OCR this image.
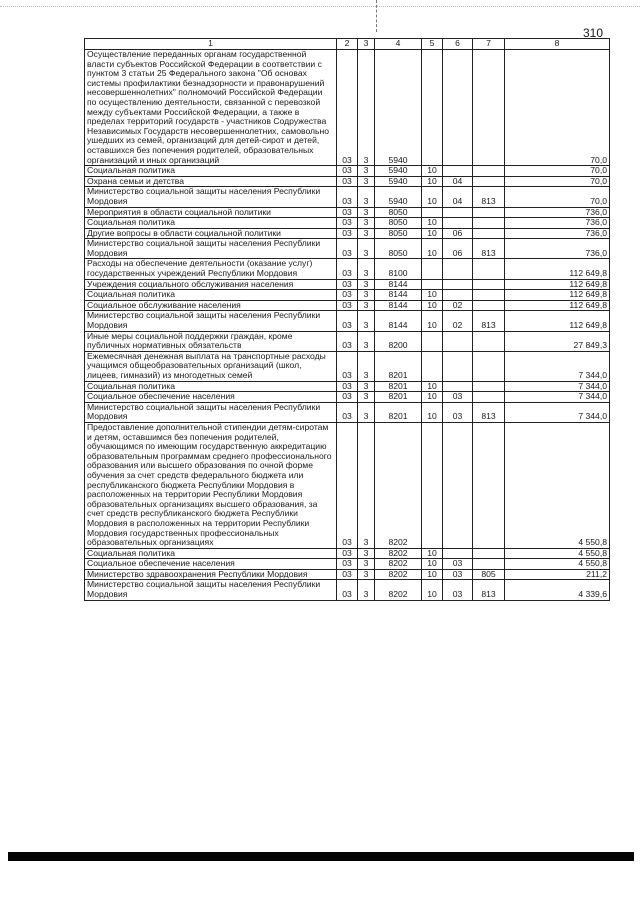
310
1	2	3	4	5	6	7	8
Осуществление переданных органам государственной власти субъектов Российской Федерации в соответствии с пунктом 3 статьи 25 Федерального закона "Об основах системы профилактики безнадзорности и правонарушений несовершеннолетних" полномочий Российской Федерации по осуществлению деятельности, связанной с перевозкой между субъектами Российской Федерации, а также в пределах территорий государств - участников Содружества Независимых Государств несовершеннолетних, самовольно ушедших из семей, организаций для детей-сирот и детей, оставшихся без попечения родителей, образовательных организаций и иных организаций	03	3	5940				70,0
Социальная политика	03	3	5940	10			70,0
Охрана семьи и детства	03	3	5940	10	04		70,0
Министерство социальной защиты населения Республики Мордовия	03	3	5940	10	04	813	70,0
Мероприятия в области социальной политики	03	3	8050				736,0
Социальная политика	03	3	8050	10			736,0
Другие вопросы в области социальной политики	03	3	8050	10	06		736,0
Министерство социальной защиты населения Республики Мордовия	03	3	8050	10	06	813	736,0
Расходы на обеспечение деятельности (оказание услуг) государственных учреждений Республики Мордовия	03	3	8100				112 649,8
Учреждения социального обслуживания населения	03	3	8144				112 649,8
Социальная политика	03	3	8144	10			112 649,8
Социальное обслуживание населения	03	3	8144	10	02		112 649,8
Министерство социальной защиты населения Республики Мордовия	03	3	8144	10	02	813	112 649,8
Иные меры социальной поддержки граждан, кроме публичных нормативных обязательств	03	3	8200				27 849,3
Ежемесячная денежная выплата на транспортные расходы учащимся общеобразовательных организаций (школ, лицеев, гимназий) из многодетных семей	03	3	8201				7 344,0
Социальная политика	03	3	8201	10			7 344,0
Социальное обеспечение населения	03	3	8201	10	03		7 344,0
Министерство социальной защиты населения Республики Мордовия	03	3	8201	10	03	813	7 344,0
Предоставление дополнительной стипендии детям-сиротам и детям, оставшимся без попечения родителей, обучающимся по имеющим государственную аккредитацию образовательным программам среднего профессионального образования или высшего образования по очной форме обучения за счет средств федерального бюджета или республиканского бюджета Республики Мордовия в расположенных на территории Республики Мордовия образовательных организациях высшего образования, за счет средств республиканского бюджета Республики Мордовия в расположенных на территории Республики Мордовия государственных профессиональных образовательных организациях	03	3	8202				4 550,8
Социальная политика	03	3	8202	10			4 550,8
Социальное обеспечение населения	03	3	8202	10	03		4 550,8
Министерство здравоохранения Республики Мордовия	03	3	8202	10	03	805	211,2
Министерство социальной защиты населения Республики Мордовия	03	3	8202	10	03	813	4 339,6
